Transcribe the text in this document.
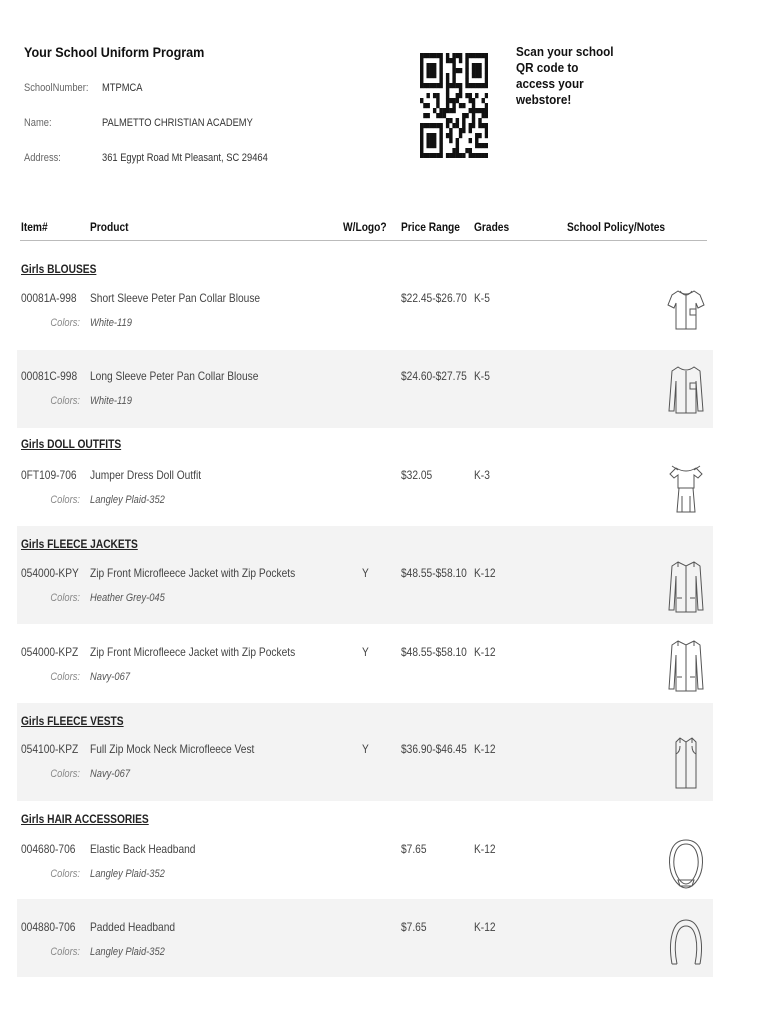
Your School Uniform Program
SchoolNumber: MTPMCA
Name:	PALMETTO CHRISTIAN ACADEMY
Address:	361 Egypt Road Mt Pleasant, SC 29464
Scan your school QR code to access your webstore!
Item#	Product	W/Logo? Price Range Grades	School Policy/Notes
Girls BLOUSES
Girls DOLL OUTFITS
Girls FLEECE JACKETS
Girls FLEECE VESTS
Girls HAIR ACCESSORIES
00081A-998 Short Sleeve Peter Pan Collar Blouse	$22.45-$26.70 K-5
Colors: White-119
00081C-998 Long Sleeve Peter Pan Collar Blouse	$24.60-$27.75 K-5
Colors: White-119
0FT109-706 Jumper Dress Doll Outfit	$32.05	K-3
Colors: Langley Plaid-352
054000-KPY Zip Front Microfleece Jacket with Zip Pockets	Y	$48.55-$58.10 K-12
Colors: Heather Grey-045
054000-KPZ Zip Front Microfleece Jacket with Zip Pockets	Y	$48.55-$58.10 K-12
Colors: Navy-067
054100-KPZ Full Zip Mock Neck Microfleece Vest	Y	$36.90-$46.45 K-12
Colors: Navy-067
004680-706 Elastic Back Headband	$7.65	K-12
Colors: Langley Plaid-352
004880-706 Padded Headband	$7.65	K-12
Colors: Langley Plaid-352
